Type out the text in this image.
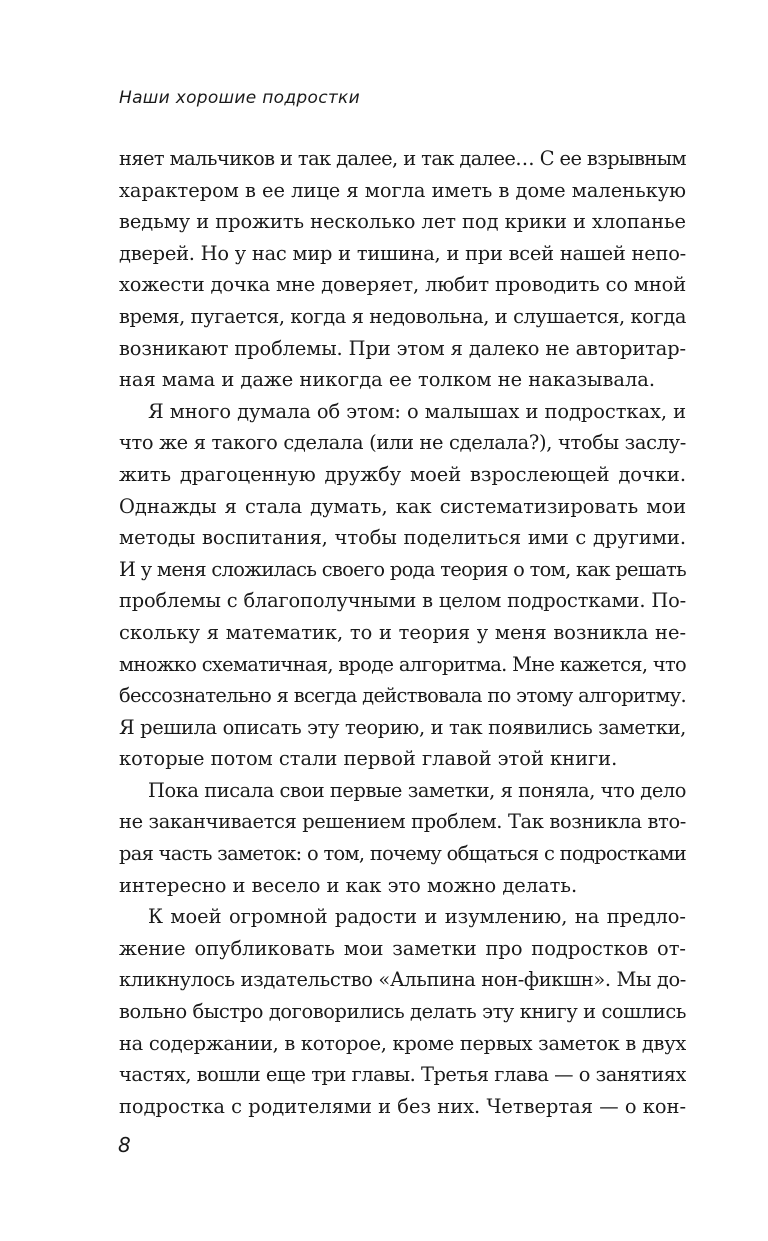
Наши хорошие подростки
няет мальчиков и так далее, и так далее… С ее взрывным
характером в ее лице я могла иметь в доме маленькую
ведьму и прожить несколько лет под крики и хлопанье
дверей. Но у нас мир и тишина, и при всей нашей непо-
хожести дочка мне доверяет, любит проводить со мной
время, пугается, когда я недовольна, и слушается, когда
возникают проблемы. При этом я далеко не авторитар-
ная мама и даже никогда ее толком не наказывала.
Я много думала об этом: о малышах и подростках, и
что же я такого сделала (или не сделала?), чтобы заслу-
жить драгоценную дружбу моей взрослеющей дочки.
Однажды я стала думать, как систематизировать мои
методы воспитания, чтобы поделиться ими с другими.
И у меня сложилась своего рода теория о том, как решать
проблемы с благополучными в целом подростками. По-
скольку я математик, то и теория у меня возникла не-
множко схематичная, вроде алгоритма. Мне кажется, что
бессознательно я всегда действовала по этому алгоритму.
Я решила описать эту теорию, и так появились заметки,
которые потом стали первой главой этой книги.
Пока писала свои первые заметки, я поняла, что дело
не заканчивается решением проблем. Так возникла вто-
рая часть заметок: о том, почему общаться с подростками
интересно и весело и как это можно делать.
К моей огромной радости и изумлению, на предло-
жение опубликовать мои заметки про подростков от-
кликнулось издательство «Альпина нон-фикшн». Мы до-
вольно быстро договорились делать эту книгу и сошлись
на содержании, в которое, кроме первых заметок в двух
частях, вошли еще три главы. Третья глава — о занятиях
подростка с родителями и без них. Четвертая — о кон-
8
